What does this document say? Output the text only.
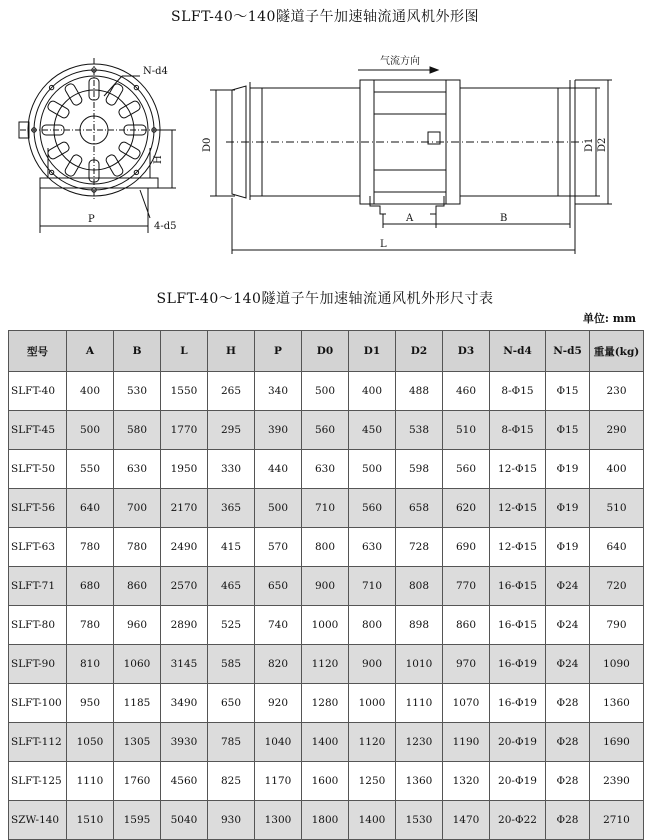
SLFT-40～140隧道子午加速轴流通风机外形图
N-d4
H
P
4-d5
气流方向
D0	D1 D2
A	B
L
SLFT-40～140隧道子午加速轴流通风机外形尺寸表
单位: mm
型号	A	B	L	H	P	D0	D1	D2	D3	N-d4	N-d5	重量(kg)
SLFT-40	400	530	1550	265	340	500	400	488	460	8-Φ15	Φ15	230
SLFT-45	500	580	1770	295	390	560	450	538	510	8-Φ15	Φ15	290
SLFT-50	550	630	1950	330	440	630	500	598	560	12-Φ15	Φ19	400
SLFT-56	640	700	2170	365	500	710	560	658	620	12-Φ15	Φ19	510
SLFT-63	780	780	2490	415	570	800	630	728	690	12-Φ15	Φ19	640
SLFT-71	680	860	2570	465	650	900	710	808	770	16-Φ15	Φ24	720
SLFT-80	780	960	2890	525	740	1000	800	898	860	16-Φ15	Φ24	790
SLFT-90	810	1060	3145	585	820	1120	900	1010	970	16-Φ19	Φ24	1090
SLFT-100	950	1185	3490	650	920	1280	1000	1110	1070	16-Φ19	Φ28	1360
SLFT-112	1050	1305	3930	785	1040	1400	1120	1230	1190	20-Φ19	Φ28	1690
SLFT-125	1110	1760	4560	825	1170	1600	1250	1360	1320	20-Φ19	Φ28	2390
SZW-140	1510	1595	5040	930	1300	1800	1400	1530	1470	20-Φ22	Φ28	2710
